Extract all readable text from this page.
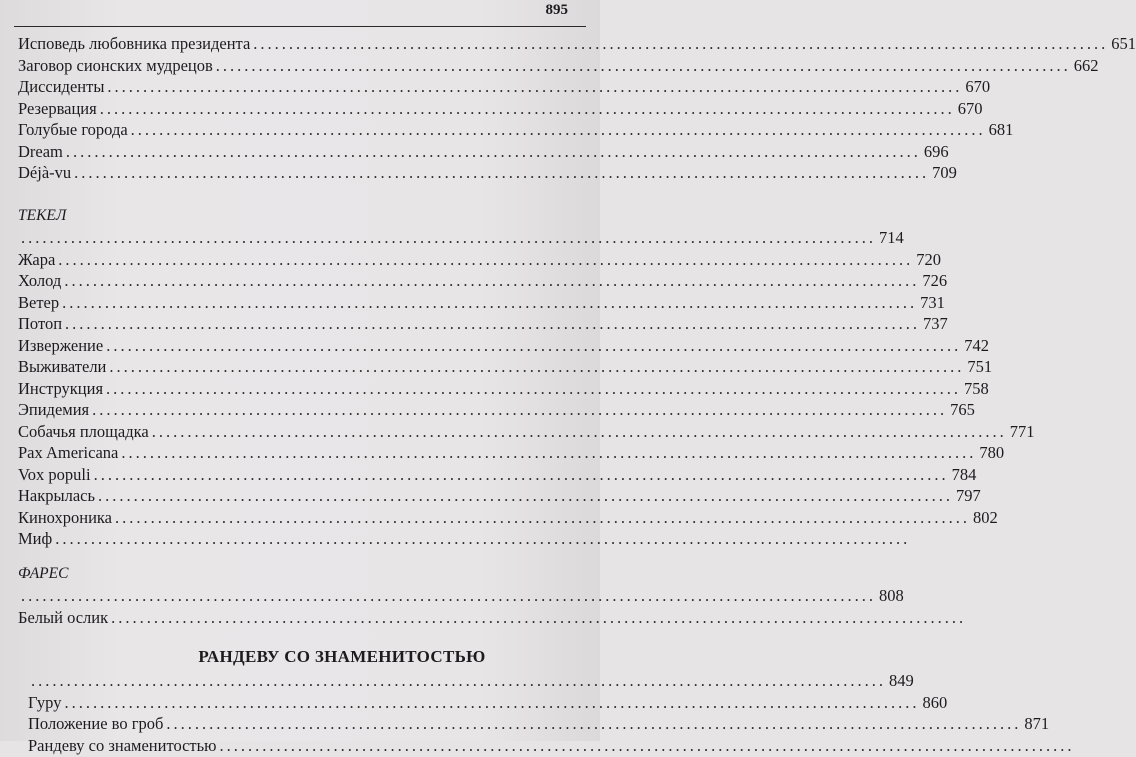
895
Исповедь любовника президента ........................................................................................................................ 651
Заговор сионских мудрецов ........................................................................................................................ 662
Диссиденты ........................................................................................................................ 670
Резервация ........................................................................................................................ 670
Голубые города ........................................................................................................................ 681
Dream ........................................................................................................................ 696
Déjà-vu ........................................................................................................................ 709
ТЕКЕЛ
........................................................................................................................ 714
Жара ........................................................................................................................ 720
Холод ........................................................................................................................ 726
Ветер ........................................................................................................................ 731
Потоп ........................................................................................................................ 737
Извержение ........................................................................................................................ 742
Выживатели ........................................................................................................................ 751
Инструкция ........................................................................................................................ 758
Эпидемия ........................................................................................................................ 765
Собачья площадка ........................................................................................................................ 771
Pax Americana ........................................................................................................................ 780
Vox populi ........................................................................................................................ 784
Накрылась ........................................................................................................................ 797
Кинохроника ........................................................................................................................ 802
Миф ........................................................................................................................
ФАРЕС
........................................................................................................................ 808
Белый ослик ........................................................................................................................
РАНДЕВУ СО ЗНАМЕНИТОСТЬЮ
........................................................................................................................ 849
Гуру ........................................................................................................................ 860
Положение во гроб ........................................................................................................................ 871
Рандеву со знаменитостью ........................................................................................................................
